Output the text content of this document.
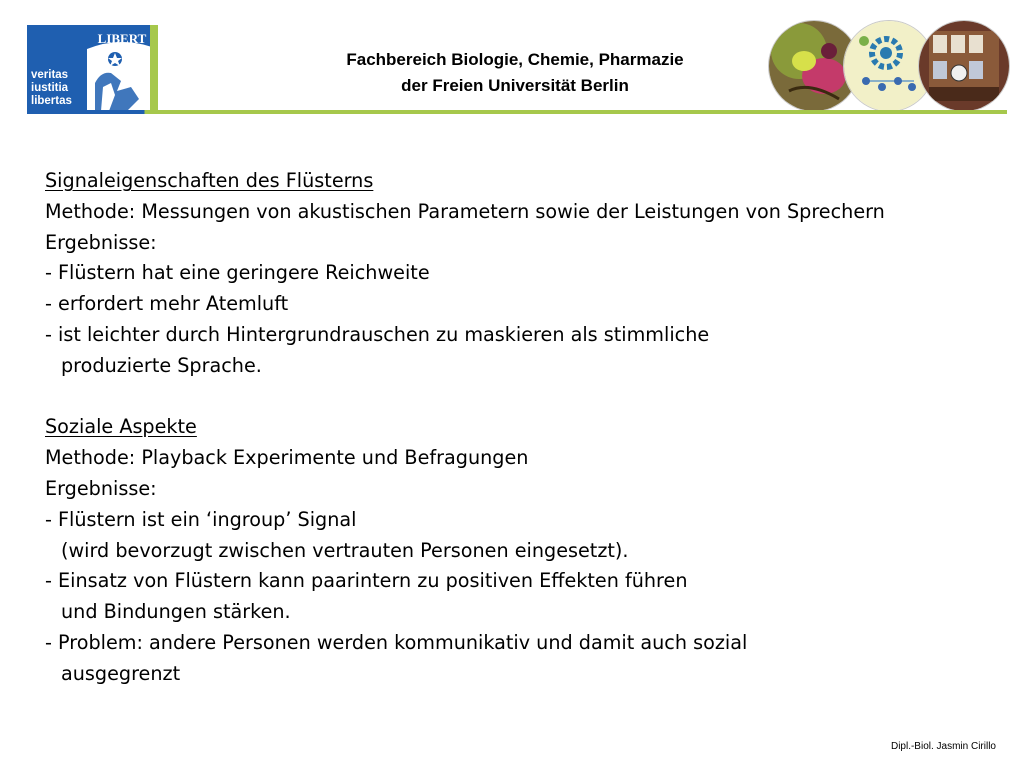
veritas
iustitia
libertas
LIBERT
Fachbereich Biologie, Chemie, Pharmazie
der Freien Universität Berlin
Signaleigenschaften des Flüsterns
Methode: Messungen von akustischen Parametern sowie der Leistungen von Sprechern
Ergebnisse:
- Flüstern hat eine geringere Reichweite
- erfordert mehr Atemluft
- ist leichter durch Hintergrundrauschen zu maskieren als stimmliche
produzierte Sprache.
Soziale Aspekte
Methode: Playback Experimente und Befragungen
Ergebnisse:
- Flüstern ist ein ‘ingroup’ Signal
(wird bevorzugt zwischen vertrauten Personen eingesetzt).
- Einsatz von Flüstern kann paarintern zu positiven Effekten führen
und Bindungen stärken.
- Problem: andere Personen werden kommunikativ und damit auch sozial
ausgegrenzt
Dipl.-Biol. Jasmin Cirillo
